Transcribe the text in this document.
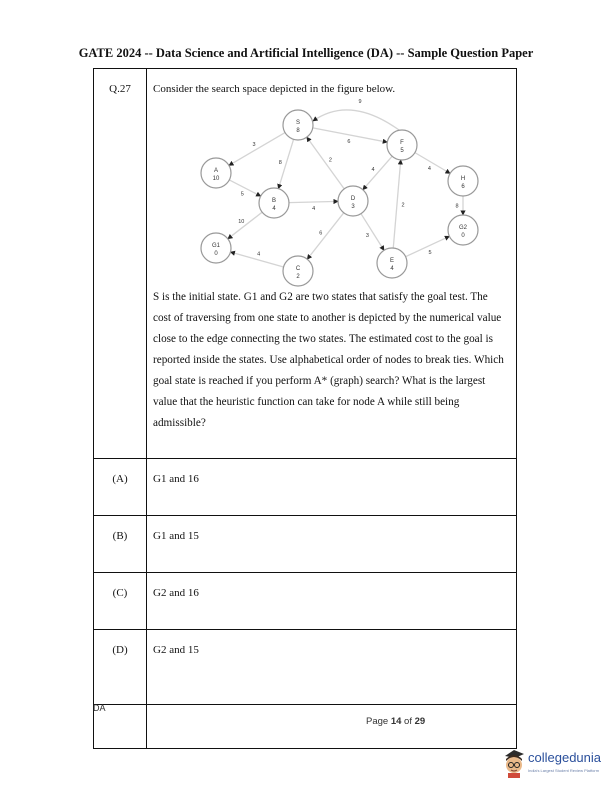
GATE 2024 -- Data Science and Artificial Intelligence (DA) -- Sample Question Paper
Q.27	Consider the search space depicted in the figure below.
3
8
6
9
2
5
4
10
4
6	3
4
2
4
8
5
S
8
A
10
B
4
C
2
D
3
E
4
F
5
H
6
G1
0
G2
0
S is the initial state. G1 and G2 are two states that satisfy the goal test. The cost of traversing from one state to another is depicted by the numerical value close to the edge connecting the two states. The estimated cost to the goal is reported inside the states. Use alphabetical order of nodes to break ties. Which goal state is reached if you perform A* (graph) search? What is the largest value that the heuristic function can take for node A while still being admissible?

(A)	G1 and 16
(B)	G1 and 15
(C)	G2 and 16
(D)	G2 and 15

DA
Page 14 of 29
collegedunia
India's Largest Student Review Platform
